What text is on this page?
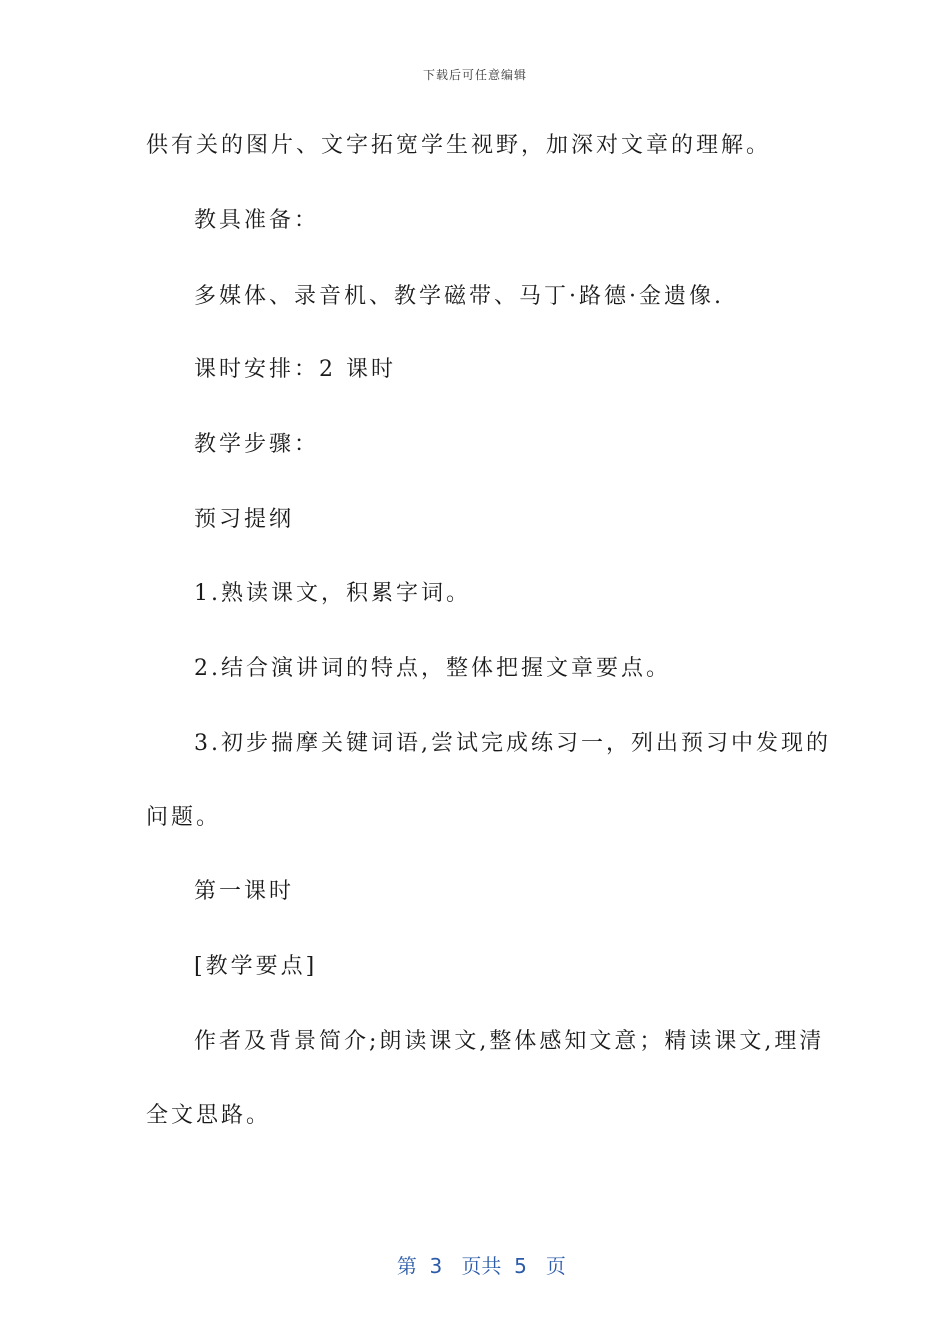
下载后可任意编辑
供有关的图片、文字拓宽学生视野，加深对文章的理解。
教具准备：
多媒体、录音机、教学磁带、马丁·路德·金遗像.
课时安排：2 课时
教学步骤：
预习提纲
1.熟读课文，积累字词。
2.结合演讲词的特点，整体把握文章要点。
3.初步揣摩关键词语,尝试完成练习一，列出预习中发现的
问题。
第一课时
[教学要点]
作者及背景简介;朗读课文,整体感知文意；精读课文,理清
全文思路。

第 3 页共 5 页
